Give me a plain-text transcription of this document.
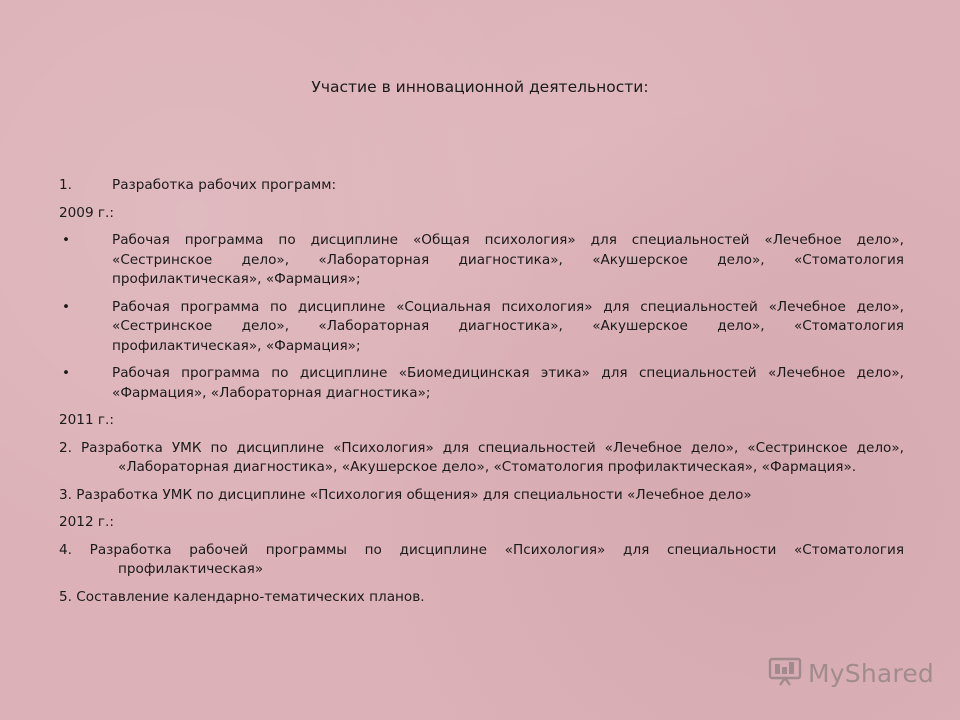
Участие в инновационной деятельности:
1.	Разработка рабочих программ:
2009 г.:
•	Рабочая программа по дисциплине «Общая психология» для специальностей «Лечебное дело», «Сестринское дело», «Лабораторная диагностика», «Акушерское дело», «Стоматология профилактическая», «Фармация»;
•	Рабочая программа по дисциплине «Социальная психология» для специальностей «Лечебное дело», «Сестринское дело», «Лабораторная диагностика», «Акушерское дело», «Стоматология профилактическая», «Фармация»;
•	Рабочая программа по дисциплине «Биомедицинская этика» для специальностей «Лечебное дело», «Фармация», «Лабораторная диагностика»;
2011 г.:
2. Разработка УМК по дисциплине «Психология» для специальностей «Лечебное дело», «Сестринское дело», «Лабораторная диагностика», «Акушерское дело», «Стоматология профилактическая», «Фармация».
3. Разработка УМК по дисциплине «Психология общения» для специальности «Лечебное дело»
2012 г.:
4. Разработка рабочей программы по дисциплине «Психология» для специальности «Стоматология профилактическая»
5. Составление календарно-тематических планов.
MyShared
